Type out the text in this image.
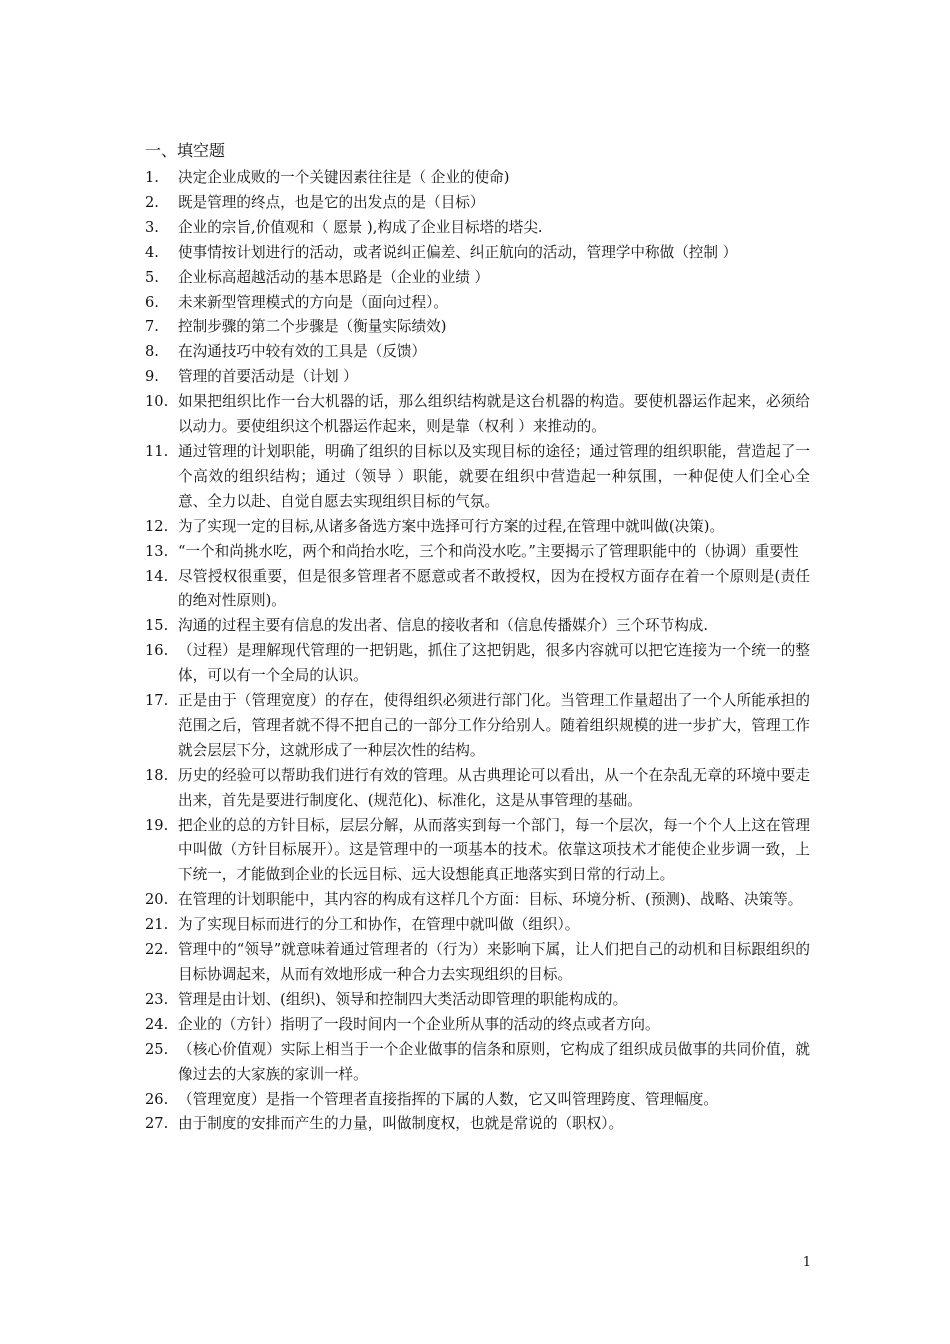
一、填空题
1. 决定企业成败的一个关键因素往往是（ 企业的使命)
2. 既是管理的终点，也是它的出发点的是（目标）
3. 企业的宗旨,价值观和（ 愿景 ),构成了企业目标塔的塔尖.
4. 使事情按计划进行的活动，或者说纠正偏差、纠正航向的活动，管理学中称做（控制 ）
5. 企业标高超越活动的基本思路是（企业的业绩 ）
6. 未来新型管理模式的方向是（面向过程）。
7. 控制步骤的第二个步骤是（衡量实际绩效)
8. 在沟通技巧中较有效的工具是（反馈）
9. 管理的首要活动是（计划 ）
10. 如果把组织比作一台大机器的话，那么组织结构就是这台机器的构造。要使机器运作起来，必须给以动力。要使组织这个机器运作起来，则是靠（权利 ）来推动的。
11. 通过管理的计划职能，明确了组织的目标以及实现目标的途径；通过管理的组织职能，营造起了一个高效的组织结构；通过（领导 ）职能，就要在组织中营造起一种氛围，一种促使人们全心全意、全力以赴、自觉自愿去实现组织目标的气氛。
12. 为了实现一定的目标,从诸多备选方案中选择可行方案的过程,在管理中就叫做(决策)。
13. “一个和尚挑水吃，两个和尚抬水吃，三个和尚没水吃。”主要揭示了管理职能中的（协调）重要性
14. 尽管授权很重要，但是很多管理者不愿意或者不敢授权，因为在授权方面存在着一个原则是(责任的绝对性原则)。
15. 沟通的过程主要有信息的发出者、信息的接收者和（信息传播媒介）三个环节构成.
16. （过程）是理解现代管理的一把钥匙，抓住了这把钥匙，很多内容就可以把它连接为一个统一的整体，可以有一个全局的认识。
17. 正是由于（管理宽度）的存在，使得组织必须进行部门化。当管理工作量超出了一个人所能承担的范围之后，管理者就不得不把自己的一部分工作分给别人。随着组织规模的进一步扩大，管理工作就会层层下分，这就形成了一种层次性的结构。
18. 历史的经验可以帮助我们进行有效的管理。从古典理论可以看出，从一个在杂乱无章的环境中要走出来，首先是要进行制度化、(规范化)、标准化，这是从事管理的基础。
19. 把企业的总的方针目标，层层分解，从而落实到每一个部门，每一个层次，每一个个人上这在管理中叫做（方针目标展开）。这是管理中的一项基本的技术。依靠这项技术才能使企业步调一致，上下统一，才能做到企业的长远目标、远大设想能真正地落实到日常的行动上。
20. 在管理的计划职能中，其内容的构成有这样几个方面：目标、环境分析、(预测)、战略、决策等。
21. 为了实现目标而进行的分工和协作，在管理中就叫做（组织）。
22. 管理中的“领导”就意味着通过管理者的（行为）来影响下属，让人们把自己的动机和目标跟组织的目标协调起来，从而有效地形成一种合力去实现组织的目标。
23. 管理是由计划、(组织)、领导和控制四大类活动即管理的职能构成的。
24. 企业的（方针）指明了一段时间内一个企业所从事的活动的终点或者方向。
25. （核心价值观）实际上相当于一个企业做事的信条和原则，它构成了组织成员做事的共同价值，就像过去的大家族的家训一样。
26. （管理宽度）是指一个管理者直接指挥的下属的人数，它又叫管理跨度、管理幅度。
27. 由于制度的安排而产生的力量，叫做制度权，也就是常说的（职权）。
1
